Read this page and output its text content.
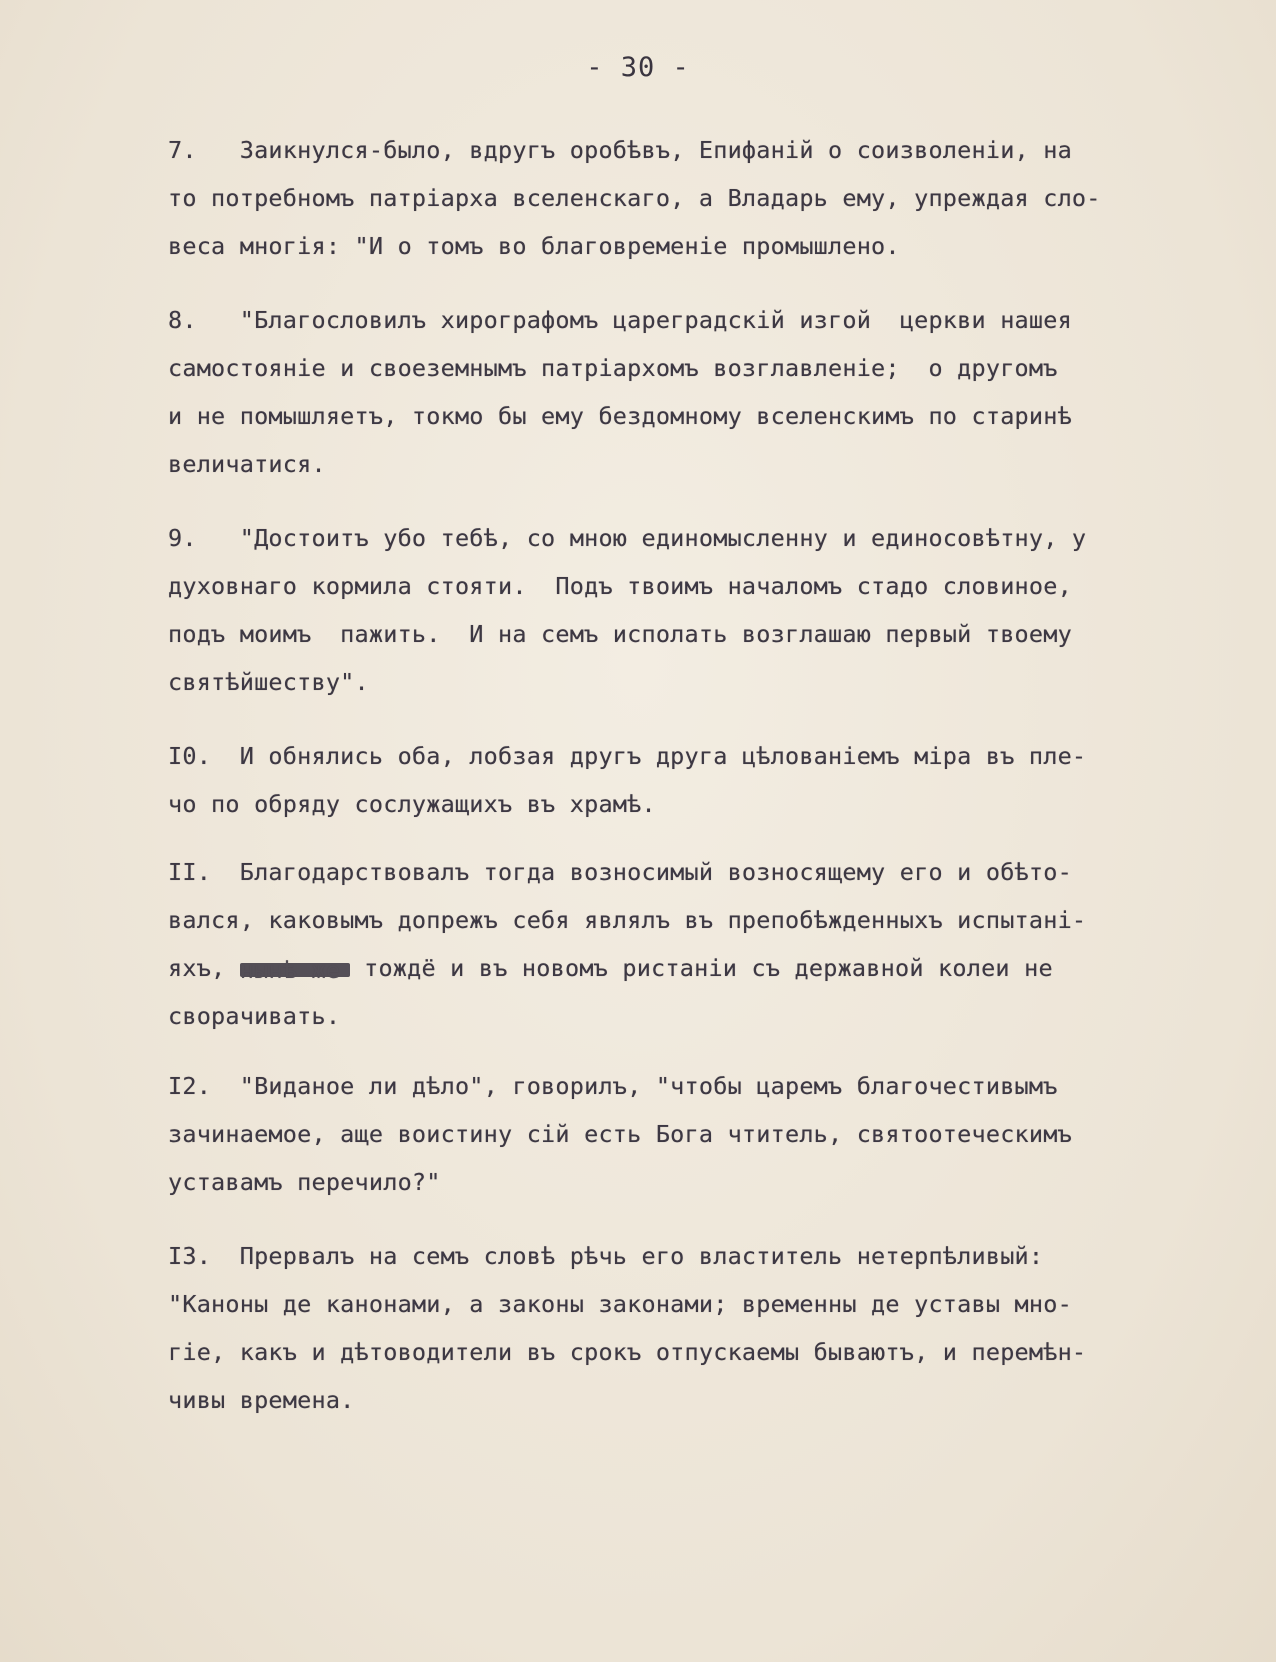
- 30 -
7.   Заикнулся-было, вдругъ оробѣвъ, Епифаній о соизволеніи, на
то потребномъ патріарха вселенскаго, а Владарь ему, упреждая сло-
веса многія: "И о томъ во благовременіе промышлено.
8.   "Благословилъ хирографомъ цареградскій изгой  церкви нашея
самостояніе и своеземнымъ патріархомъ возглавленіе;  о другомъ
и не помышляетъ, токмо бы ему бездомному вселенскимъ по старинѣ
величатися.
9.   "Достоитъ убо тебѣ, со мною единомысленну и единосовѣтну, у
духовнаго кормила стояти.  Подъ твоимъ началомъ стадо словиное,
подъ моимъ  пажить.  И на семъ исполать возглашаю первый твоему
святѣйшеству".
I0.  И обнялись оба, лобзая другъ друга цѣлованіемъ міра въ пле-
чо по обряду сослужащихъ въ храмѣ.
II.  Благодарствовалъ тогда возносимый возносящему его и обѣто-
вался, каковымъ допрежъ себя являлъ въ препобѣжденныхъ испытані-
яхъ, нынѣ же тождё и въ новомъ ристаніи съ державной колеи не
сворачивать.
I2.  "Виданое ли дѣло", говорилъ, "чтобы царемъ благочестивымъ
зачинаемое, аще воистину сій есть Бога чтитель, святоотеческимъ
уставамъ перечило?"
I3.  Прервалъ на семъ словѣ рѣчь его властитель нетерпѣливый:
"Каноны де канонами, а законы законами; временны де уставы мно-
гіе, какъ и дѣтоводители въ срокъ отпускаемы бываютъ, и перемѣн-
чивы времена.
